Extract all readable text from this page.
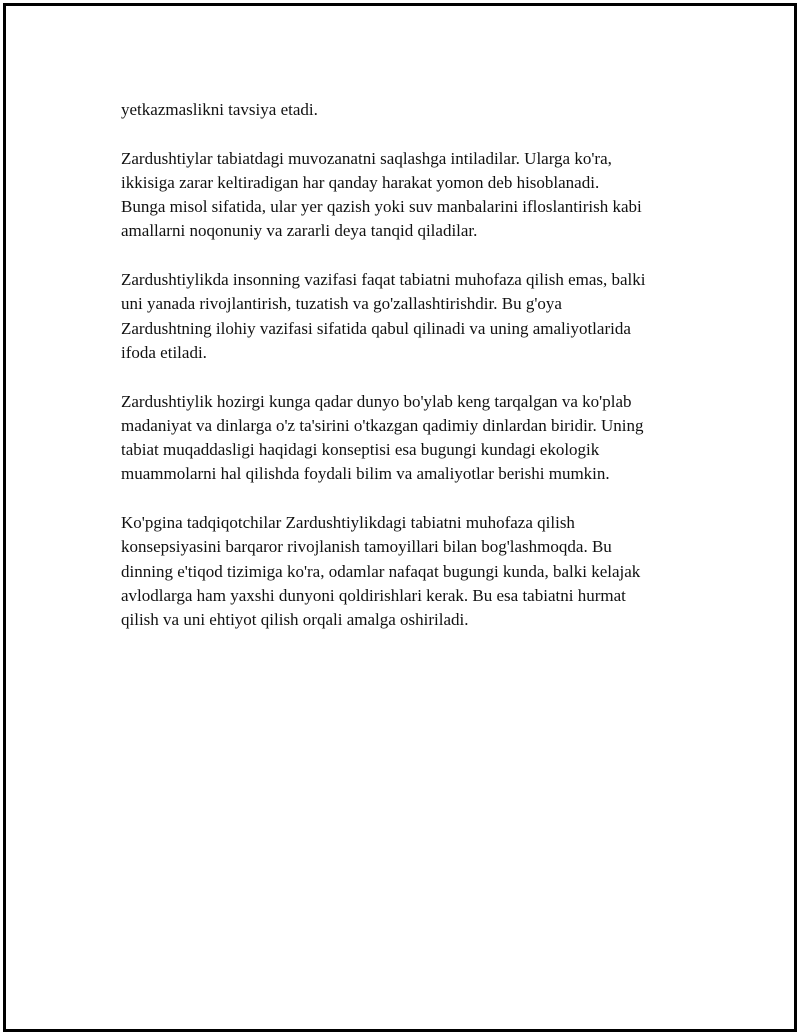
yetkazmaslikni tavsiya etadi.

Zardushtiylar tabiatdagi muvozanatni saqlashga intiladilar. Ularga ko'ra,
ikkisiga zarar keltiradigan har qanday harakat yomon deb hisoblanadi.
Bunga misol sifatida, ular yer qazish yoki suv manbalarini ifloslantirish kabi
amallarni noqonuniy va zararli deya tanqid qiladilar.

Zardushtiylikda insonning vazifasi faqat tabiatni muhofaza qilish emas, balki
uni yanada rivojlantirish, tuzatish va go'zallashtirishdir. Bu g'oya
Zardushtning ilohiy vazifasi sifatida qabul qilinadi va uning amaliyotlarida
ifoda etiladi.

Zardushtiylik hozirgi kunga qadar dunyo bo'ylab keng tarqalgan va ko'plab
madaniyat va dinlarga o'z ta'sirini o'tkazgan qadimiy dinlardan biridir. Uning
tabiat muqaddasligi haqidagi konseptisi esa bugungi kundagi ekologik
muammolarni hal qilishda foydali bilim va amaliyotlar berishi mumkin.

Ko'pgina tadqiqotchilar Zardushtiylikdagi tabiatni muhofaza qilish
konsepsiyasini barqaror rivojlanish tamoyillari bilan bog'lashmoqda. Bu
dinning e'tiqod tizimiga ko'ra, odamlar nafaqat bugungi kunda, balki kelajak
avlodlarga ham yaxshi dunyoni qoldirishlari kerak. Bu esa tabiatni hurmat
qilish va uni ehtiyot qilish orqali amalga oshiriladi.
